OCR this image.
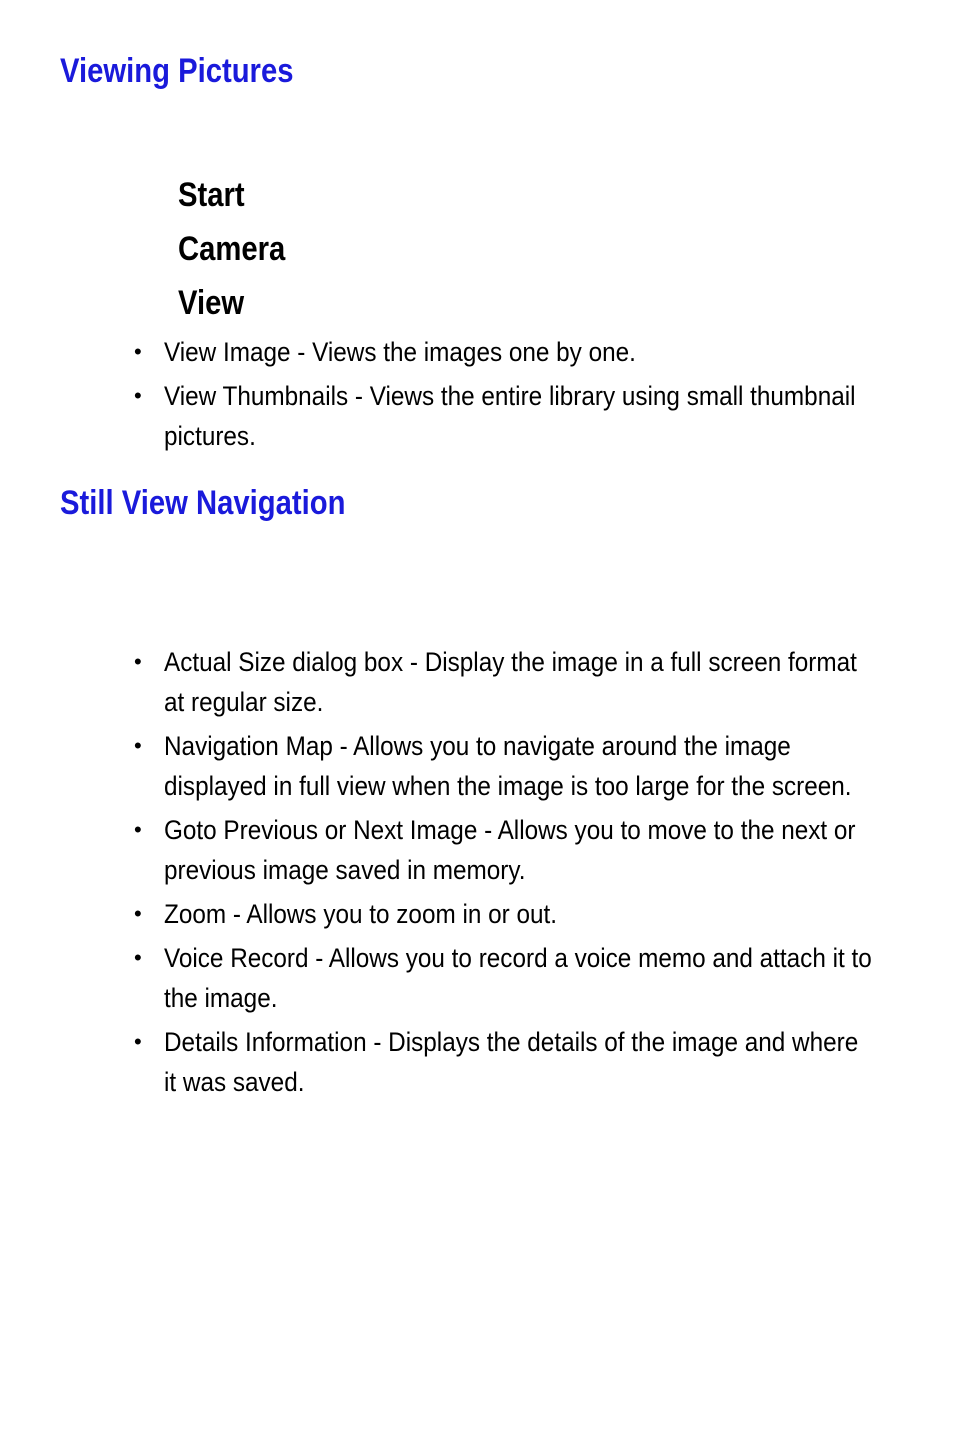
Viewing Pictures
Start
Camera
View
• View Image - Views the images one by one.
• View Thumbnails - Views the entire library using small thumbnail pictures.
Still View Navigation
• Actual Size dialog box - Display the image in a full screen format at regular size.
• Navigation Map - Allows you to navigate around the image displayed in full view when the image is too large for the screen.
• Goto Previous or Next Image - Allows you to move to the next or previous image saved in memory.
• Zoom - Allows you to zoom in or out.
• Voice Record - Allows you to record a voice memo and attach it to the image.
• Details Information - Displays the details of the image and where it was saved.
